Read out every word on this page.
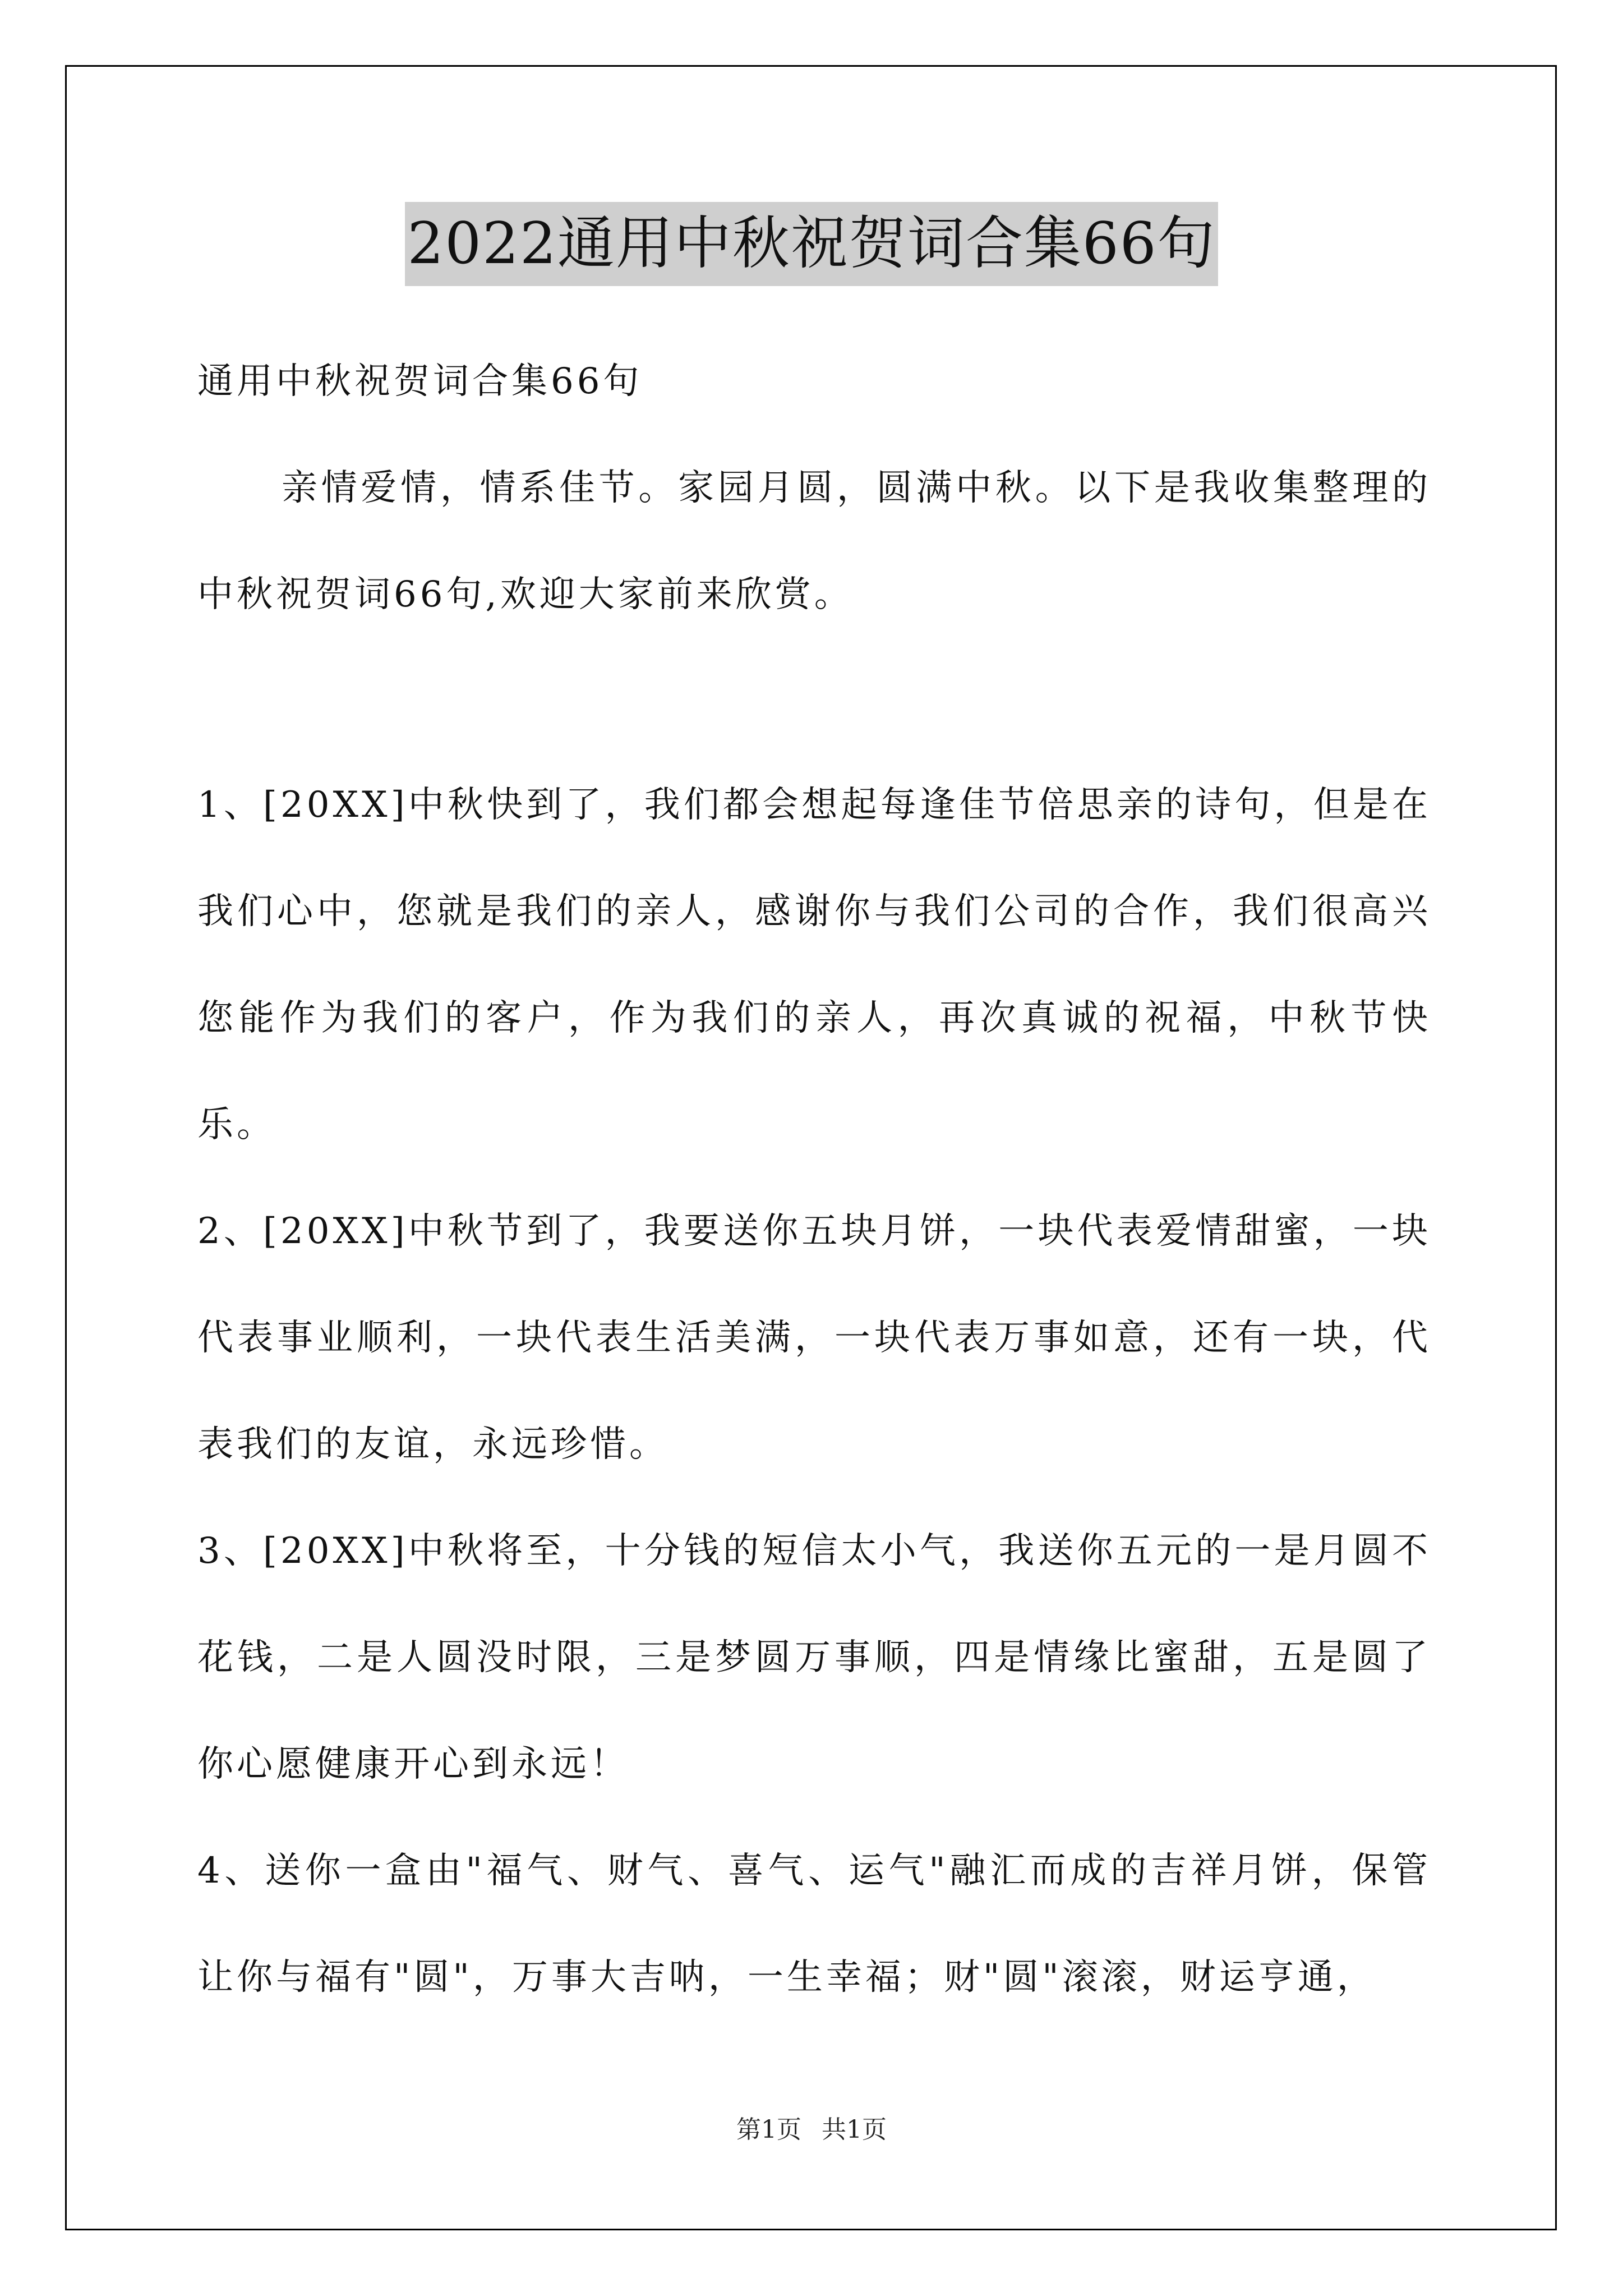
2022通用中秋祝贺词合集66句

通用中秋祝贺词合集66句

亲情爱情，情系佳节。家园月圆，圆满中秋。以下是我收集整理的中秋祝贺词66句,欢迎大家前来欣赏。

1、[20XX]中秋快到了，我们都会想起每逢佳节倍思亲的诗句，但是在我们心中，您就是我们的亲人，感谢你与我们公司的合作，我们很高兴您能作为我们的客户，作为我们的亲人，再次真诚的祝福，中秋节快乐。

2、[20XX]中秋节到了，我要送你五块月饼，一块代表爱情甜蜜，一块代表事业顺利，一块代表生活美满，一块代表万事如意，还有一块，代表我们的友谊，永远珍惜。

3、[20XX]中秋将至，十分钱的短信太小气，我送你五元的一是月圆不花钱，二是人圆没时限，三是梦圆万事顺，四是情缘比蜜甜，五是圆了你心愿健康开心到永远！

4、送你一盒由"福气、财气、喜气、运气"融汇而成的吉祥月饼，保管让你与福有"圆"，万事大吉呐，一生幸福；财"圆"滚滚，财运亨通，

第1页 共1页
